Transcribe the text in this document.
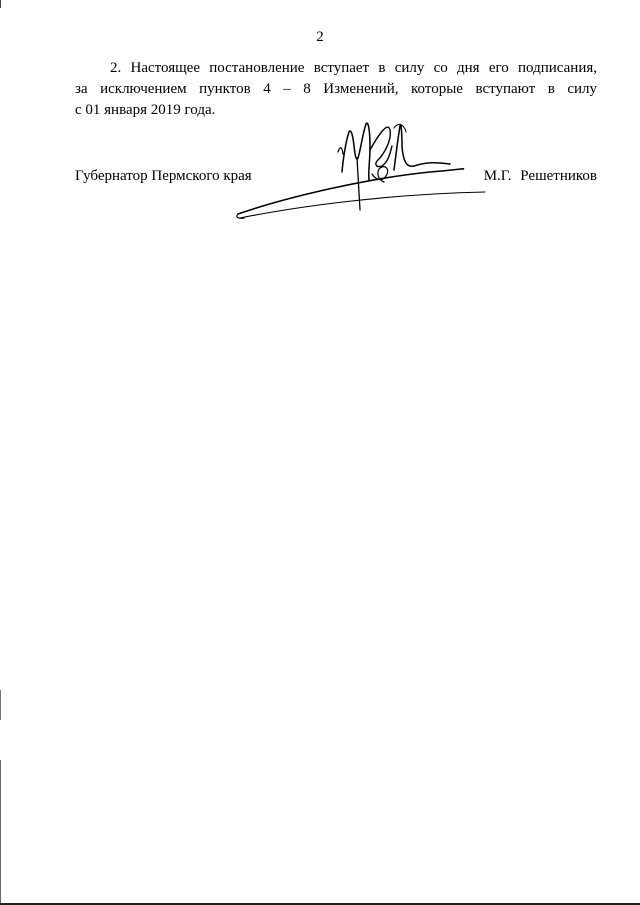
2

2. Настоящее постановление вступает в силу со дня его подписания,
за исключением пунктов 4 – 8 Изменений, которые вступают в силу
с 01 января 2019 года.

Губернатор Пермского края	М.Г. Решетников
